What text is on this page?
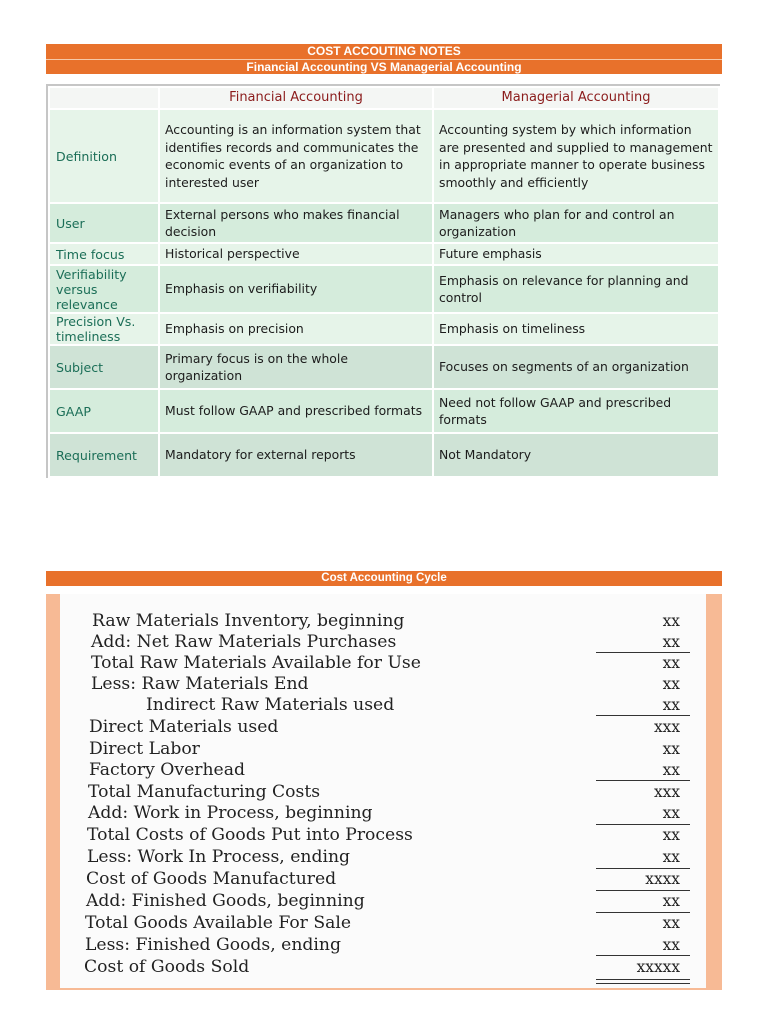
COST ACCOUTING NOTES
Financial Accounting VS Managerial Accounting
	Financial Accounting	Managerial Accounting
Definition	Accounting is an information system that identifies records and communicates the economic events of an organization to interested user	Accounting system by which information are presented and supplied to management in appropriate manner to operate business smoothly and efficiently
User	External persons who makes financial decision	Managers who plan for and control an organization
Time focus	Historical perspective	Future emphasis
Verifiability versus relevance	Emphasis on verifiability	Emphasis on relevance for planning and control
Precision Vs. timeliness	Emphasis on precision	Emphasis on timeliness
Subject	Primary focus is on the whole organization	Focuses on segments of an organization
GAAP	Must follow GAAP and prescribed formats	Need not follow GAAP and prescribed formats
Requirement	Mandatory for external reports	Not Mandatory
Cost Accounting Cycle
Raw Materials Inventory, beginning	xx
Add: Net Raw Materials Purchases	xx
Total Raw Materials Available for Use	xx
Less: Raw Materials End	xx
Indirect Raw Materials used	xx
Direct Materials used	xxx
Direct Labor	xx
Factory Overhead	xx
Total Manufacturing Costs	xxx
Add: Work in Process, beginning	xx
Total Costs of Goods Put into Process	xx
Less: Work In Process, ending	xx
Cost of Goods Manufactured	xxxx
Add: Finished Goods, beginning	xx
Total Goods Available For Sale	xx
Less: Finished Goods, ending	xx
Cost of Goods Sold	xxxxx
